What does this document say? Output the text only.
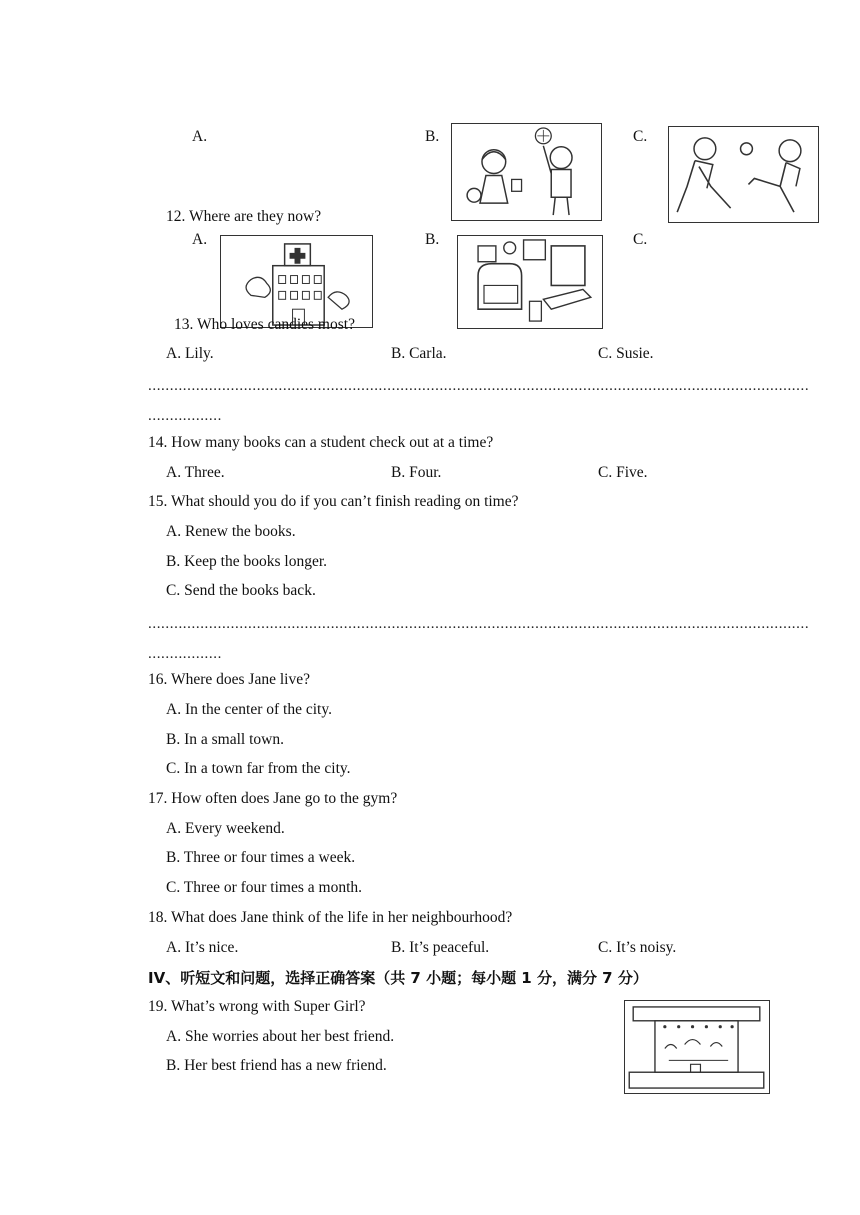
A.	B.	C.
12. Where are they now?
A.	B.	C.
13. Who loves candies most?
A. Lily.	B. Carla.	C. Susie.
........................................................................................................................................................
.................
14. How many books can a student check out at a time?
A. Three.	B. Four.	C. Five.
15. What should you do if you can’t finish reading on time?
A. Renew the books.
B. Keep the books longer.
C. Send the books back.
........................................................................................................................................................
.................
16. Where does Jane live?
A. In the center of the city.
B. In a small town.
C. In a town far from the city.
17. How often does Jane go to the gym?
A. Every weekend.
B. Three or four times a week.
C. Three or four times a month.
18. What does Jane think of the life in her neighbourhood?
A. It’s nice.	B. It’s peaceful.	C. It’s noisy.
IV、听短文和问题，选择正确答案（共 7 小题；每小题 1 分，满分 7 分）
19. What’s wrong with Super Girl?
A. She worries about her best friend.
B. Her best friend has a new friend.
